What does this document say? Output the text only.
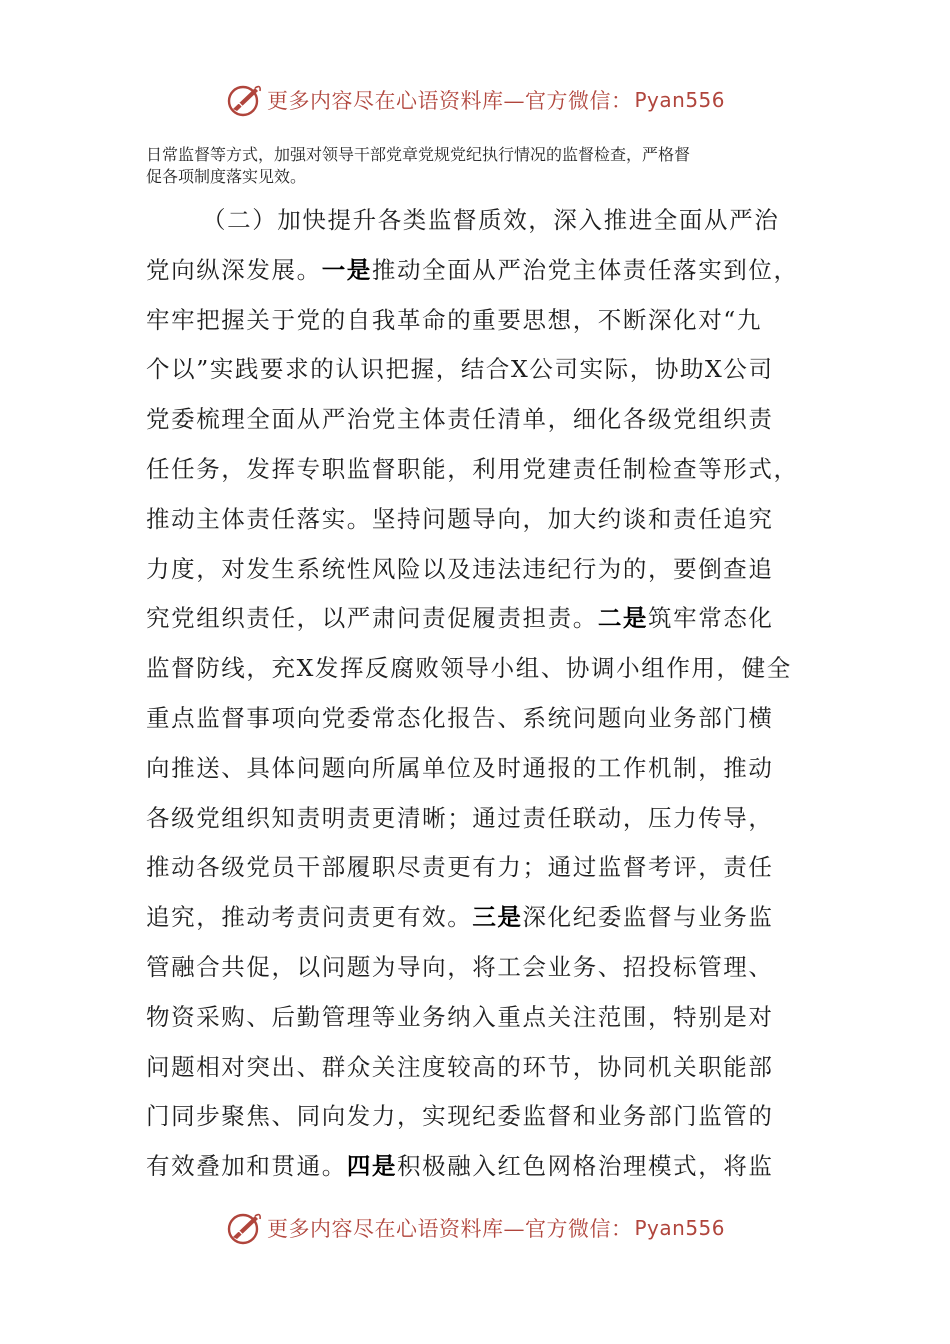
更多内容尽在心语资料库—官方微信： Pyan556
日常监督等方式，加强对领导干部党章党规党纪执行情况的监督检查，严格督
促各项制度落实见效。
（二）加快提升各类监督质效，深入推进全面从严治
党向纵深发展。一是推动全面从严治党主体责任落实到位，
牢牢把握关于党的自我革命的重要思想，不断深化对“九
个以”实践要求的认识把握，结合X公司实际，协助X公司
党委梳理全面从严治党主体责任清单，细化各级党组织责
任任务，发挥专职监督职能，利用党建责任制检查等形式，
推动主体责任落实。坚持问题导向，加大约谈和责任追究
力度，对发生系统性风险以及违法违纪行为的，要倒查追
究党组织责任，以严肃问责促履责担责。二是筑牢常态化
监督防线，充X发挥反腐败领导小组、协调小组作用，健全
重点监督事项向党委常态化报告、系统问题向业务部门横
向推送、具体问题向所属单位及时通报的工作机制，推动
各级党组织知责明责更清晰；通过责任联动，压力传导，
推动各级党员干部履职尽责更有力；通过监督考评，责任
追究，推动考责问责更有效。三是深化纪委监督与业务监
管融合共促，以问题为导向，将工会业务、招投标管理、
物资采购、后勤管理等业务纳入重点关注范围，特别是对
问题相对突出、群众关注度较高的环节，协同机关职能部
门同步聚焦、同向发力，实现纪委监督和业务部门监管的
有效叠加和贯通。四是积极融入红色网格治理模式，将监
更多内容尽在心语资料库—官方微信： Pyan556
